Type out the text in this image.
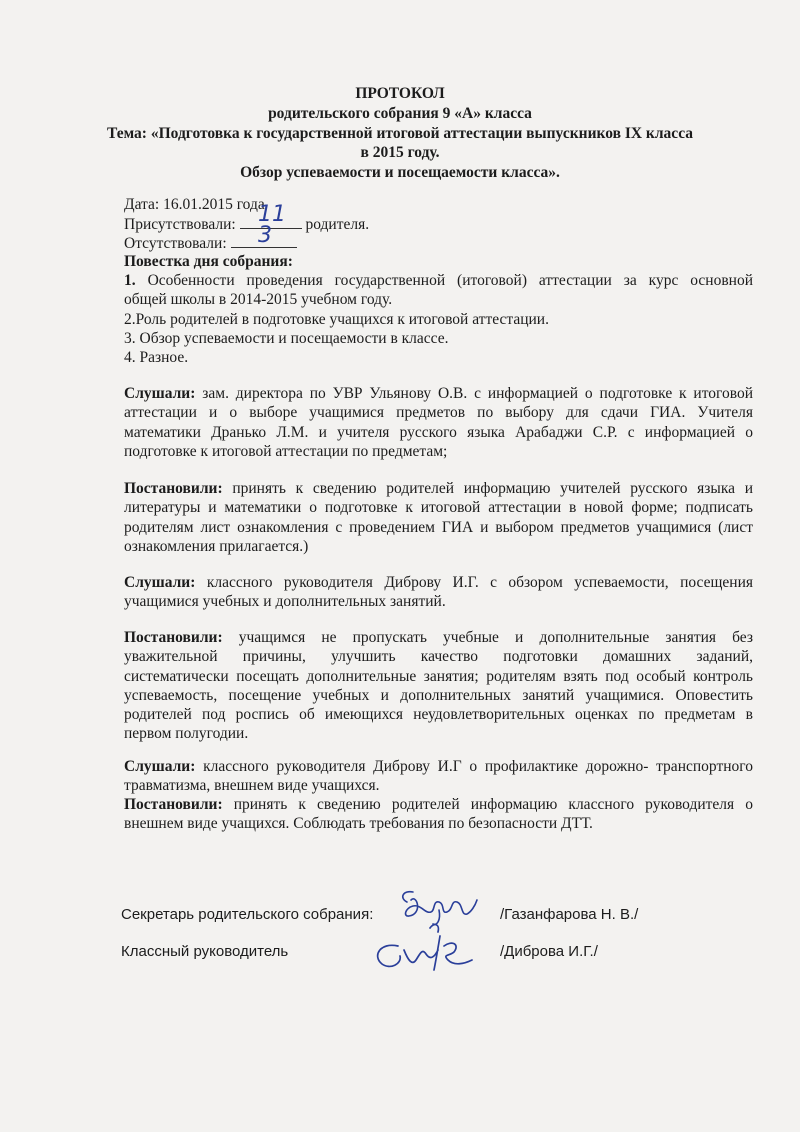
ПРОТОКОЛ

родительского собрания 9 «А» класса

Тема: «Подготовка к государственной итоговой аттестации выпускников IX класса

в 2015 году.

Обзор успеваемости и посещаемости класса».

Дата: 16.01.2015 года

Присутствовали:	родителя.

11

Отсутствовали:	3

Повестка дня собрания:

1. Особенности проведения государственной (итоговой) аттестации за курс основной
общей школы в 2014-2015 учебном году.

2.Роль родителей в подготовке учащихся к итоговой аттестации.

3. Обзор успеваемости и посещаемости в классе.

4. Разное.

Слушали: зам. директора по УВР Ульянову О.В. с информацией о подготовке к итоговой
аттестации и о выборе учащимися предметов по выбору для сдачи ГИА. Учителя
математики Дранько Л.М. и учителя русского языка Арабаджи С.Р. с информацией о
подготовке к итоговой аттестации по предметам;
Постановили: принять к сведению родителей информацию учителей русского языка и
литературы и математики о подготовке к итоговой аттестации в новой форме; подписать
родителям лист ознакомления с проведением ГИА и выбором предметов учащимися (лист
ознакомления прилагается.)
Слушали: классного руководителя Диброву И.Г. с обзором успеваемости, посещения
учащимися учебных и дополнительных занятий.
Постановили: учащимся не пропускать учебные и дополнительные занятия без
уважительной причины, улучшить качество подготовки домашних заданий,
систематически посещать дополнительные занятия; родителям взять под особый контроль
успеваемость, посещение учебных и дополнительных занятий учащимися. Оповестить
родителей под роспись об имеющихся неудовлетворительных оценках по предметам в
первом полугодии.
Слушали: классного руководителя Диброву И.Г о профилактике дорожно- транспортного
травматизма, внешнем виде учащихся.
Постановили: принять к сведению родителей информацию классного руководителя о
внешнем виде учащихся. Соблюдать требования по безопасности ДТТ.

Секретарь родительского собрания:	/Газанфарова Н. В./

Классный руководитель	/Диброва И.Г./
